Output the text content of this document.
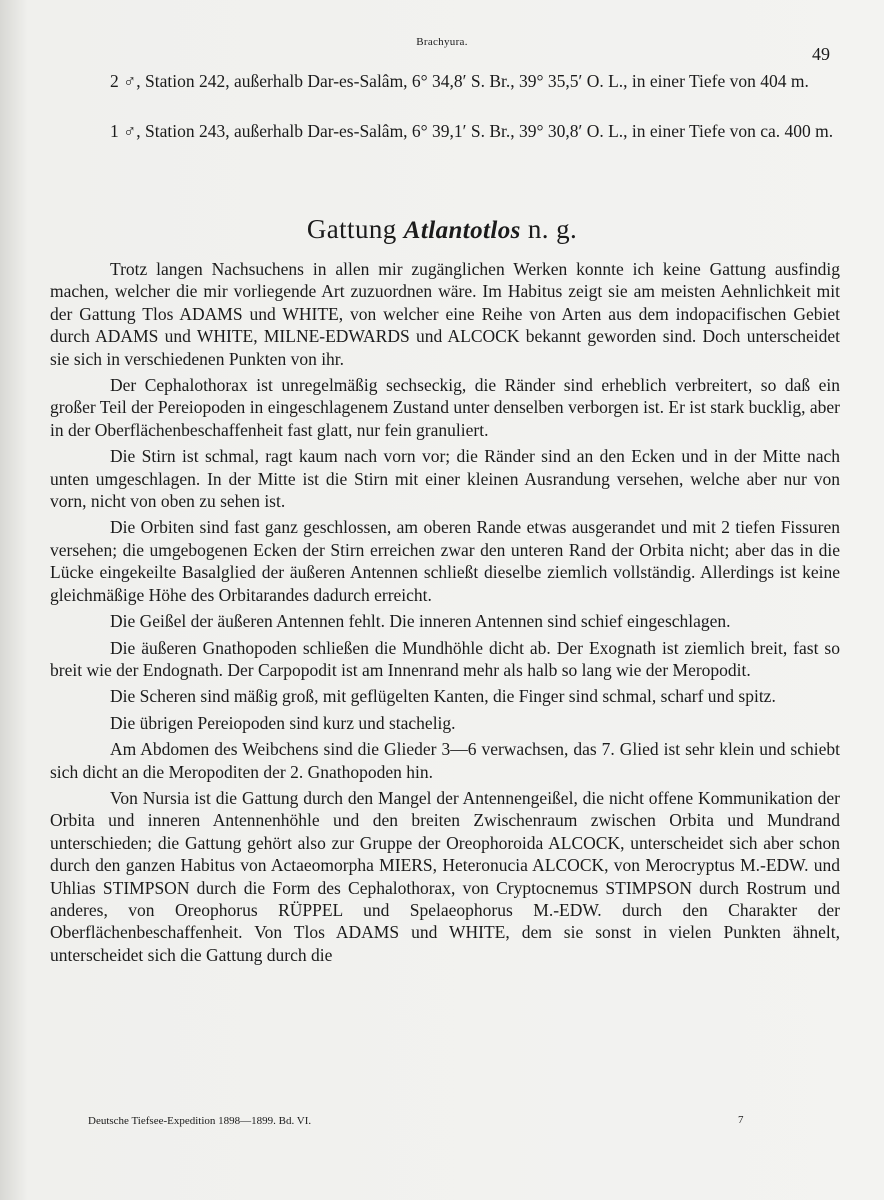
Brachyura.
49
2 ♂, Station 242, außerhalb Dar-es-Salâm, 6° 34,8′ S. Br., 39° 35,5′ O. L., in einer Tiefe von 404 m.
1 ♂, Station 243, außerhalb Dar-es-Salâm, 6° 39,1′ S. Br., 39° 30,8′ O. L., in einer Tiefe von ca. 400 m.
Gattung Atlantotlos n. g.

Trotz langen Nachsuchens in allen mir zugänglichen Werken konnte ich keine Gattung ausfindig machen, welcher die mir vorliegende Art zuzuordnen wäre. Im Habitus zeigt sie am meisten Aehnlichkeit mit der Gattung Tlos ADAMS und WHITE, von welcher eine Reihe von Arten aus dem indopacifischen Gebiet durch ADAMS und WHITE, MILNE-EDWARDS und ALCOCK bekannt geworden sind. Doch unterscheidet sie sich in verschiedenen Punkten von ihr.

Der Cephalothorax ist unregelmäßig sechseckig, die Ränder sind erheblich verbreitert, so daß ein großer Teil der Pereiopoden in eingeschlagenem Zustand unter denselben verborgen ist. Er ist stark bucklig, aber in der Oberflächenbeschaffenheit fast glatt, nur fein granuliert.

Die Stirn ist schmal, ragt kaum nach vorn vor; die Ränder sind an den Ecken und in der Mitte nach unten umgeschlagen. In der Mitte ist die Stirn mit einer kleinen Ausrandung versehen, welche aber nur von vorn, nicht von oben zu sehen ist.

Die Orbiten sind fast ganz geschlossen, am oberen Rande etwas ausgerandet und mit 2 tiefen Fissuren versehen; die umgebogenen Ecken der Stirn erreichen zwar den unteren Rand der Orbita nicht; aber das in die Lücke eingekeilte Basalglied der äußeren Antennen schließt dieselbe ziemlich vollständig. Allerdings ist keine gleichmäßige Höhe des Orbitarandes dadurch erreicht.

Die Geißel der äußeren Antennen fehlt. Die inneren Antennen sind schief eingeschlagen.

Die äußeren Gnathopoden schließen die Mundhöhle dicht ab. Der Exognath ist ziemlich breit, fast so breit wie der Endognath. Der Carpopodit ist am Innenrand mehr als halb so lang wie der Meropodit.

Die Scheren sind mäßig groß, mit geflügelten Kanten, die Finger sind schmal, scharf und spitz.

Die übrigen Pereiopoden sind kurz und stachelig.

Am Abdomen des Weibchens sind die Glieder 3—6 verwachsen, das 7. Glied ist sehr klein und schiebt sich dicht an die Meropoditen der 2. Gnathopoden hin.

Von Nursia ist die Gattung durch den Mangel der Antennengeißel, die nicht offene Kommunikation der Orbita und inneren Antennenhöhle und den breiten Zwischenraum zwischen Orbita und Mundrand unterschieden; die Gattung gehört also zur Gruppe der Oreophoroida ALCOCK, unterscheidet sich aber schon durch den ganzen Habitus von Actaeomorpha MIERS, Heteronucia ALCOCK, von Merocryptus M.-EDW. und Uhlias STIMPSON durch die Form des Cephalothorax, von Cryptocnemus STIMPSON durch Rostrum und anderes, von Oreophorus RÜPPEL und Spelaeophorus M.-EDW. durch den Charakter der Oberflächenbeschaffenheit. Von Tlos ADAMS und WHITE, dem sie sonst in vielen Punkten ähnelt, unterscheidet sich die Gattung durch die

Deutsche Tiefsee-Expedition 1898—1899. Bd. VI.	7
